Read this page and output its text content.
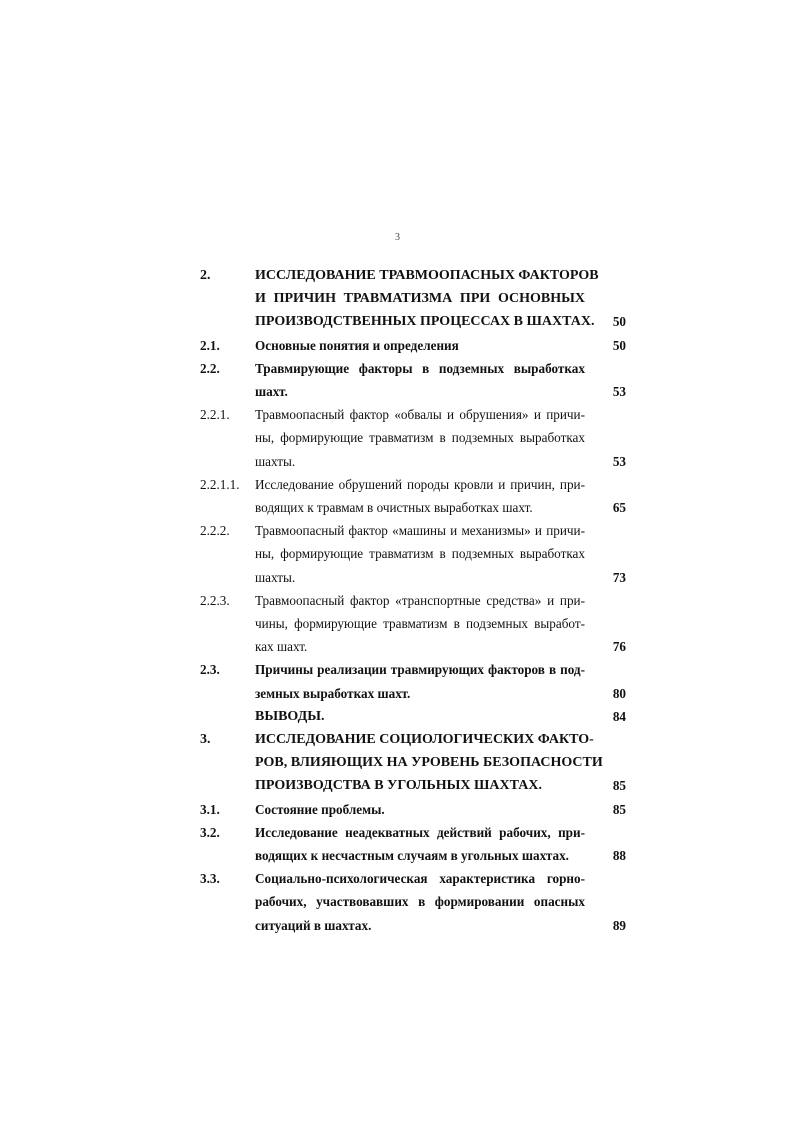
3
2.	ИССЛЕДОВАНИЕ ТРАВМООПАСНЫХ ФАКТОРОВ
И ПРИЧИН ТРАВМАТИЗМА ПРИ ОСНОВНЫХ
ПРОИЗВОДСТВЕННЫХ ПРОЦЕССАХ В ШАХТАХ. 50
2.1.	Основные понятия и определения	50
2.2.	Травмирующие факторы в подземных выработках
шахт.	53
2.2.1. Травмоопасный фактор «обвалы и обрушения» и причи-
ны, формирующие травматизм в подземных выработках
шахты.	53
2.2.1.1. Исследование обрушений породы кровли и причин, при-
водящих к травмам в очистных выработках шахт.	65
2.2.2. Травмоопасный фактор «машины и механизмы» и причи-
ны, формирующие травматизм в подземных выработках
шахты.	73
2.2.3. Травмоопасный фактор «транспортные средства» и при-
чины, формирующие травматизм в подземных выработ-
ках шахт.	76
2.3.	Причины реализации травмирующих факторов в под-
земных выработках шахт.	80
ВЫВОДЫ.	84
3.	ИССЛЕДОВАНИЕ СОЦИОЛОГИЧЕСКИХ ФАКТО-
РОВ, ВЛИЯЮЩИХ НА УРОВЕНЬ БЕЗОПАСНОСТИ
ПРОИЗВОДСТВА В УГОЛЬНЫХ ШАХТАХ.	85
3.1.	Состояние проблемы.	85
3.2.	Исследование неадекватных действий рабочих, при-
водящих к несчастным случаям в угольных шахтах.	88
3.3.	Социально-психологическая характеристика горно-
рабочих, участвовавших в формировании опасных
ситуаций в шахтах.	89
